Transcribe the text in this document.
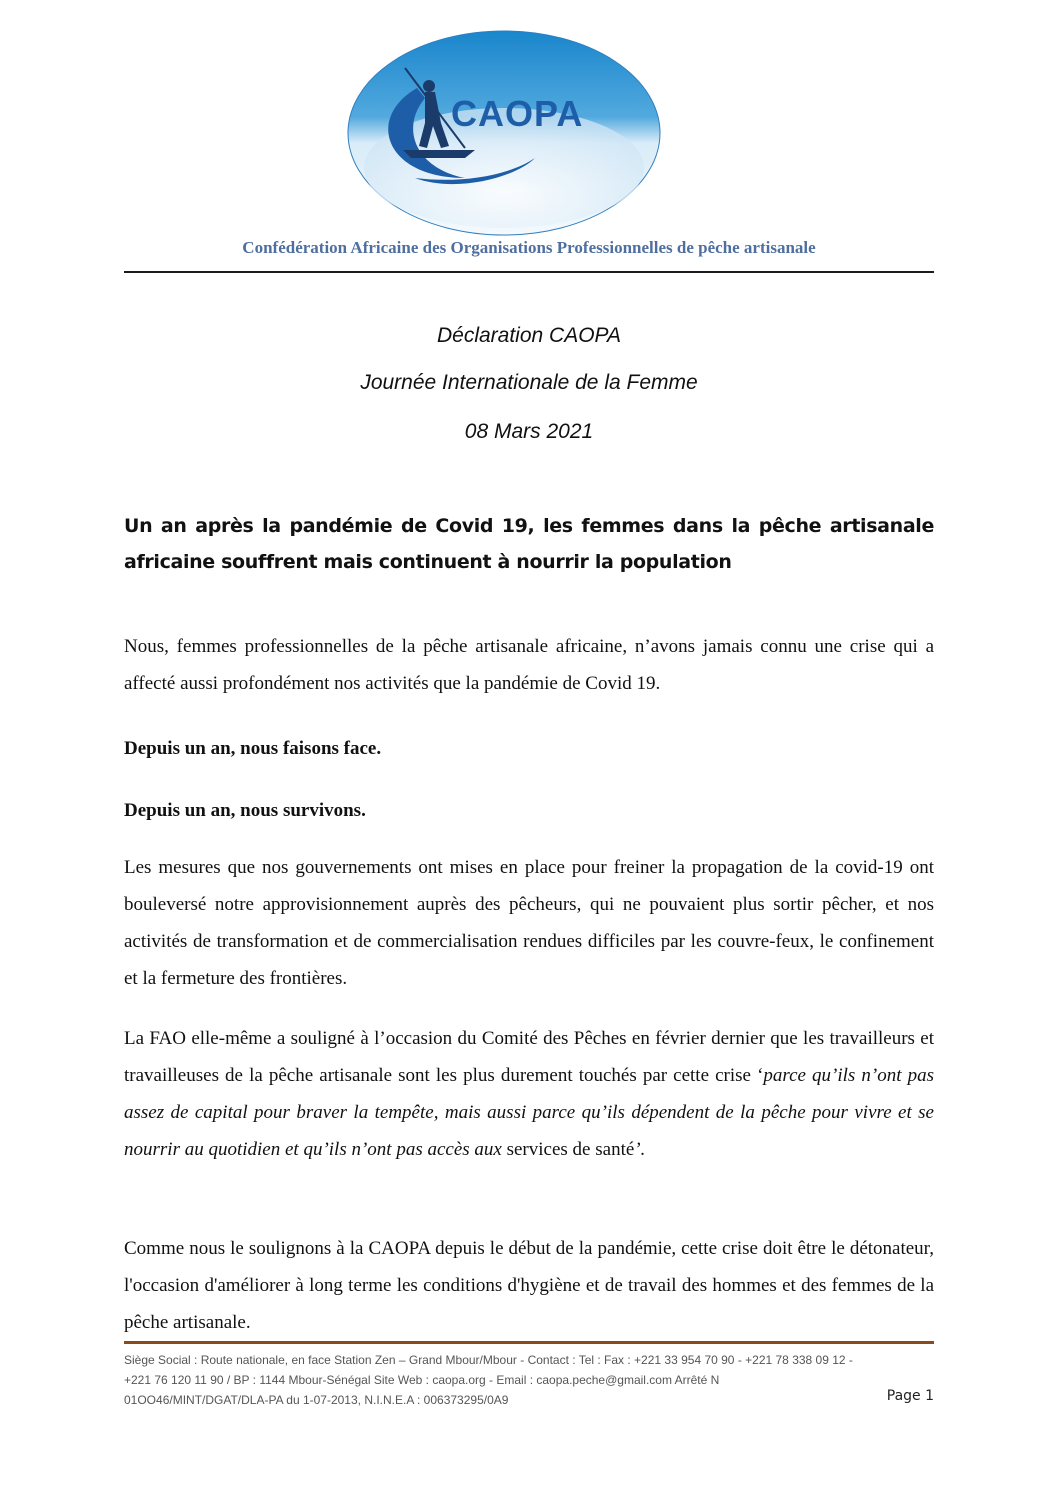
CAOPA
Confédération Africaine des Organisations Professionnelles de pêche artisanale
Déclaration CAOPA
Journée Internationale de la Femme
08 Mars 2021
Un an après la pandémie de Covid 19, les femmes dans la pêche artisanale africaine souffrent mais continuent à nourrir la population

Nous, femmes professionnelles de la pêche artisanale africaine, n’avons jamais connu une crise qui a affecté aussi profondément nos activités que la pandémie de Covid 19.

Depuis un an, nous faisons face.

Depuis un an, nous survivons.

Les mesures que nos gouvernements ont mises en place pour freiner la propagation de la covid-19 ont bouleversé notre approvisionnement auprès des pêcheurs, qui ne pouvaient plus sortir pêcher, et nos activités de transformation et de commercialisation rendues difficiles par les couvre-feux, le confinement et la fermeture des frontières.

La FAO elle-même a souligné à l’occasion du Comité des Pêches en février dernier que les travailleurs et travailleuses de la pêche artisanale sont les plus durement touchés par cette crise ‘parce qu’ils n’ont pas assez de capital pour braver la tempête, mais aussi parce qu’ils dépendent de la pêche pour vivre et se nourrir au quotidien et qu’ils n’ont pas accès aux services de santé’.

Comme nous le soulignons à la CAOPA depuis le début de la pandémie, cette crise doit être le détonateur, l'occasion d'améliorer à long terme les conditions d'hygiène et de travail des hommes et des femmes de la pêche artisanale.

Siège Social : Route nationale, en face Station Zen – Grand Mbour/Mbour - Contact : Tel : Fax : +221 33 954 70 90 - +221 78 338 09 12 -
+221 76 120 11 90 / BP : 1144 Mbour-Sénégal Site Web : caopa.org - Email : caopa.peche@gmail.com Arrêté N
01OO46/MINT/DGAT/DLA-PA du 1-07-2013, N.I.N.E.A : 006373295/0A9	Page 1
